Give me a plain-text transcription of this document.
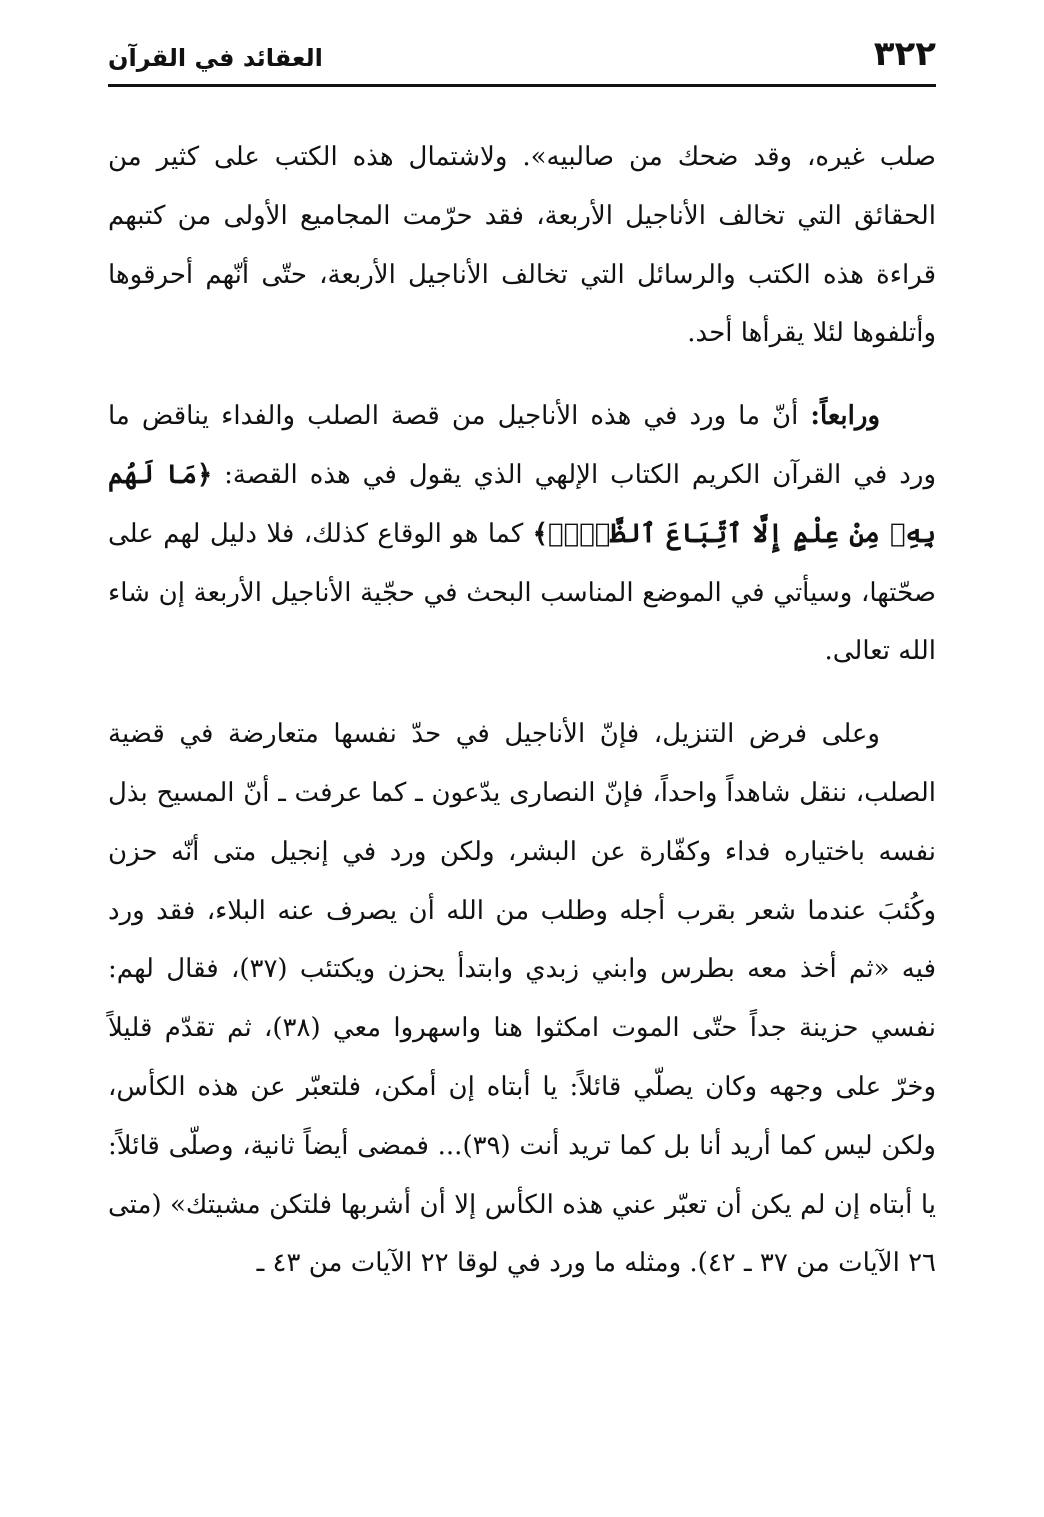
٣٢٢
العقائد في القرآن

صلب غيره، وقد ضحك من صالبيه». ولاشتمال هذه الكتب على كثير من الحقائق التي تخالف الأناجيل الأربعة، فقد حرّمت المجاميع الأولى من كتبهم قراءة هذه الكتب والرسائل التي تخالف الأناجيل الأربعة، حتّى أنّهم أحرقوها وأتلفوها لئلا يقرأها أحد.

ورابعاً: أنّ ما ورد في هذه الأناجيل من قصة الصلب والفداء يناقض ما ورد في القرآن الكريم الكتاب الإلهي الذي يقول في هذه القصة: ﴿مَا لَهُم بِهِۦ مِنْ عِلْمٍ إِلَّا ٱتِّبَاعَ ٱلظَّنِّۚ﴾ كما هو الوقاع كذلك، فلا دليل لهم على صحّتها، وسيأتي في الموضع المناسب البحث في حجّية الأناجيل الأربعة إن شاء الله تعالى.

وعلى فرض التنزيل، فإنّ الأناجيل في حدّ نفسها متعارضة في قضية الصلب، ننقل شاهداً واحداً، فإنّ النصارى يدّعون ـ كما عرفت ـ أنّ المسيح بذل نفسه باختياره فداء وكفّارة عن البشر، ولكن ورد في إنجيل متى أنّه حزن وكُئبَ عندما شعر بقرب أجله وطلب من الله أن يصرف عنه البلاء، فقد ورد فيه «ثم أخذ معه بطرس وابني زبدي وابتدأ يحزن ويكتئب (٣٧)، فقال لهم: نفسي حزينة جداً حتّى الموت امكثوا هنا واسهروا معي (٣٨)، ثم تقدّم قليلاً وخرّ على وجهه وكان يصلّي قائلاً: يا أبتاه إن أمكن، فلتعبّر عن هذه الكأس، ولكن ليس كما أريد أنا بل كما تريد أنت (٣٩)... فمضى أيضاً ثانية، وصلّى قائلاً: يا أبتاه إن لم يكن أن تعبّر عني هذه الكأس إلا أن أشربها فلتكن مشيتك» (متى ٢٦ الآيات من ٣٧ ـ ٤٢). ومثله ما ورد في لوقا ٢٢ الآيات من ٤٣ ـ
